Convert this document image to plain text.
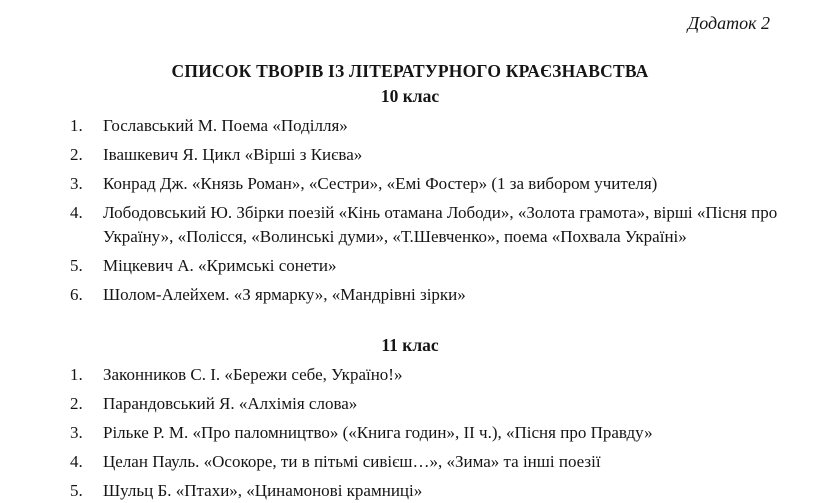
Додаток 2
СПИСОК ТВОРІВ ІЗ ЛІТЕРАТУРНОГО КРАЄЗНАВСТВА
10 клас
1.	Гославський М. Поема «Поділля»
2.	Івашкевич Я. Цикл «Вірші з Києва»
3.	Конрад Дж. «Князь Роман», «Сестри», «Емі Фостер» (1 за вибором учителя)
4.	Лободовський Ю. Збірки поезій «Кінь отамана Лободи», «Золота грамота», вірші «Пісня про Україну», «Полісся, «Волинські думи», «Т.Шевченко», поема «Похвала Україні»
5.	Міцкевич А. «Кримські сонети»
6.	Шолом-Алейхем. «З ярмарку», «Мандрівні зірки»
11 клас
1.	Законников С. І. «Бережи себе, Україно!»
2.	Парандовський Я. «Алхімія слова»
3.	Рільке Р. М. «Про паломництво» («Книга годин», II ч.), «Пісня про Правду»
4.	Целан Пауль. «Осокоре, ти в пітьмі сивієш…», «Зима» та інші поезії
5.	Шульц Б. «Птахи», «Цинамонові крамниці»
